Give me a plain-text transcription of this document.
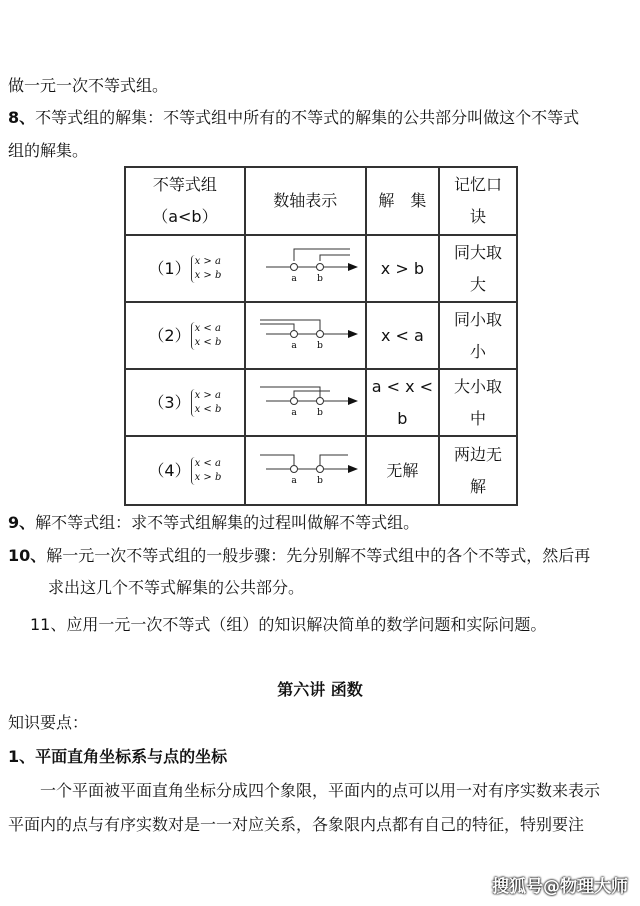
做一元一次不等式组。
8、不等式组的解集：不等式组中所有的不等式的解集的公共部分叫做这个不等式
组的解集。
不等式组（a<b）	数轴表示	解　集	记忆口诀
（1） x > a
x > b	a b	x > b	同大取大
（2） x < a
x < b	a b	x < a	同小取小
（3） x > a
x < b	a b	a < x < b	大小取中
（4） x < a
x > b	a b	无解	两边无解
9、解不等式组：求不等式组解集的过程叫做解不等式组。
10、解一元一次不等式组的一般步骤：先分别解不等式组中的各个不等式，然后再
求出这几个不等式解集的公共部分。
11、应用一元一次不等式（组）的知识解决简单的数学问题和实际问题。
第六讲 函数
知识要点：
1、平面直角坐标系与点的坐标
一个平面被平面直角坐标分成四个象限，平面内的点可以用一对有序实数来表示
平面内的点与有序实数对是一一对应关系，各象限内点都有自己的特征，特别要注
搜狐号@物理大师
